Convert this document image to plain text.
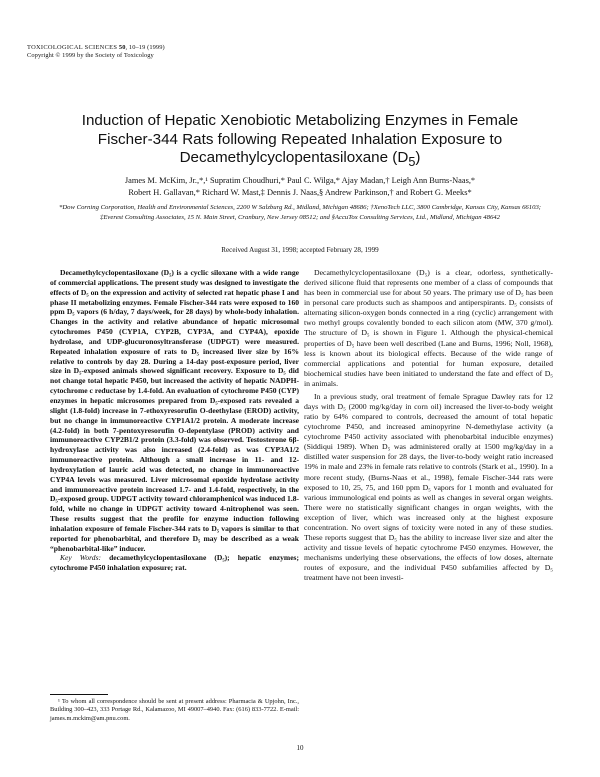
TOXICOLOGICAL SCIENCES 50, 10–19 (1999)
Copyright © 1999 by the Society of Toxicology
Induction of Hepatic Xenobiotic Metabolizing Enzymes in Female
Fischer-344 Rats following Repeated Inhalation Exposure to
Decamethylcyclopentasiloxane $(D_5)$
James M. McKim, Jr.,*,¹ Supratim Choudhuri,* Paul C. Wilga,* Ajay Madan,† Leigh Ann Burns-Naas,*
Robert H. Gallavan,* Richard W. Mast,‡ Dennis J. Naas,§ Andrew Parkinson,† and Robert G. Meeks*
*Dow Corning Corporation, Health and Environmental Sciences, 2200 W Salzburg Rd., Midland, Michigan 48686; †XenoTech LLC, 3800 Cambridge, Kansas City, Kansas 66103; ‡Everest Consulting Associates, 15 N. Main Street, Cranbury, New Jersey 08512; and §AccuTox Consulting Services, Ltd., Midland, Michigan 48642
Received August 31, 1998; accepted February 28, 1999

Decamethylcyclopentasiloxane (D₅) is a cyclic siloxane with a wide range of commercial applications. The present study was designed to investigate the effects of D₅ on the expression and activity of selected rat hepatic phase I and phase II metabolizing enzymes. Female Fischer-344 rats were exposed to 160 ppm D₅ vapors (6 h/day, 7 days/week, for 28 days) by whole-body inhalation. Changes in the activity and relative abundance of hepatic microsomal cytochromes P450 (CYP1A, CYP2B, CYP3A, and CYP4A), epoxide hydrolase, and UDP-glucuronosyltransferase (UDPGT) were measured. Repeated inhalation exposure of rats to D₅ increased liver size by 16% relative to controls by day 28. During a 14-day post-exposure period, liver size in D₅-exposed animals showed significant recovery. Exposure to D₅ did not change total hepatic P450, but increased the activity of hepatic NADPH-cytochrome c reductase by 1.4-fold. An evaluation of cytochrome P450 (CYP) enzymes in hepatic microsomes prepared from D₅-exposed rats revealed a slight (1.8-fold) increase in 7-ethoxyresorufin O-deethylase (EROD) activity, but no change in immunoreactive CYP1A1/2 protein. A moderate increase (4.2-fold) in both 7-pentoxyresorufin O-depentylase (PROD) activity and immunoreactive CYP2B1/2 protein (3.3-fold) was observed. Testosterone 6β-hydroxylase activity was also increased (2.4-fold) as was CYP3A1/2 immunoreactive protein. Although a small increase in 11- and 12-hydroxylation of lauric acid was detected, no change in immunoreactive CYP4A levels was measured. Liver microsomal epoxide hydrolase activity and immunoreactive protein increased 1.7- and 1.4-fold, respectively, in the D₅-exposed group. UDPGT activity toward chloramphenicol was induced 1.8-fold, while no change in UDPGT activity toward 4-nitrophenol was seen. These results suggest that the profile for enzyme induction following inhalation exposure of female Fischer-344 rats to D₅ vapors is similar to that reported for phenobarbital, and therefore D₅ may be described as a weak “phenobarbital-like” inducer.

Key Words: decamethylcyclopentasiloxane (D₅); hepatic enzymes; cytochrome P450 inhalation exposure; rat.

Decamethylcyclopentasiloxane (D₅) is a clear, odorless, synthetically-derived silicone fluid that represents one member of a class of compounds that has been in commercial use for about 50 years. The primary use of D₅ has been in personal care products such as shampoos and antiperspirants. D₅ consists of alternating silicon-oxygen bonds connected in a ring (cyclic) arrangement with two methyl groups covalently bonded to each silicon atom (MW, 370 g/mol). The structure of D₅ is shown in Figure 1. Although the physical-chemical properties of D₅ have been well described (Lane and Burns, 1996; Noll, 1968), less is known about its biological effects. Because of the wide range of commercial applications and potential for human exposure, detailed biochemical studies have been initiated to understand the fate and effect of D₅ in animals.

In a previous study, oral treatment of female Sprague Dawley rats for 12 days with D₅ (2000 mg/kg/day in corn oil) increased the liver-to-body weight ratio by 64% compared to controls, decreased the amount of total hepatic cytochrome P450, and increased aminopyrine N-demethylase activity (a cytochrome P450 activity associated with phenobarbital inducible enzymes) (Siddiqui 1989). When D₅ was administered orally at 1500 mg/kg/day in a distilled water suspension for 28 days, the liver-to-body weight ratio increased 19% in male and 23% in female rats relative to controls (Stark et al., 1990). In a more recent study, (Burns-Naas et al., 1998), female Fischer-344 rats were exposed to 10, 25, 75, and 160 ppm D₅ vapors for 1 month and evaluated for various immunological end points as well as changes in several organ weights. There were no statistically significant changes in organ weights, with the exception of liver, which was increased only at the highest exposure concentration. No overt signs of toxicity were noted in any of these studies. These reports suggest that D₅ has the ability to increase liver size and alter the activity and tissue levels of hepatic cytochrome P450 enzymes. However, the mechanisms underlying these observations, the effects of low doses, alternate routes of exposure, and the individual P450 subfamilies affected by D₅ treatment have not been investi-

¹ To whom all correspondence should be sent at present address: Pharmacia & Upjohn, Inc., Building 300–423, 333 Portage Rd., Kalamazoo, MI 49007–4940. Fax: (616) 833-7722. E-mail: james.m.mckim@am.pnu.com.
10
